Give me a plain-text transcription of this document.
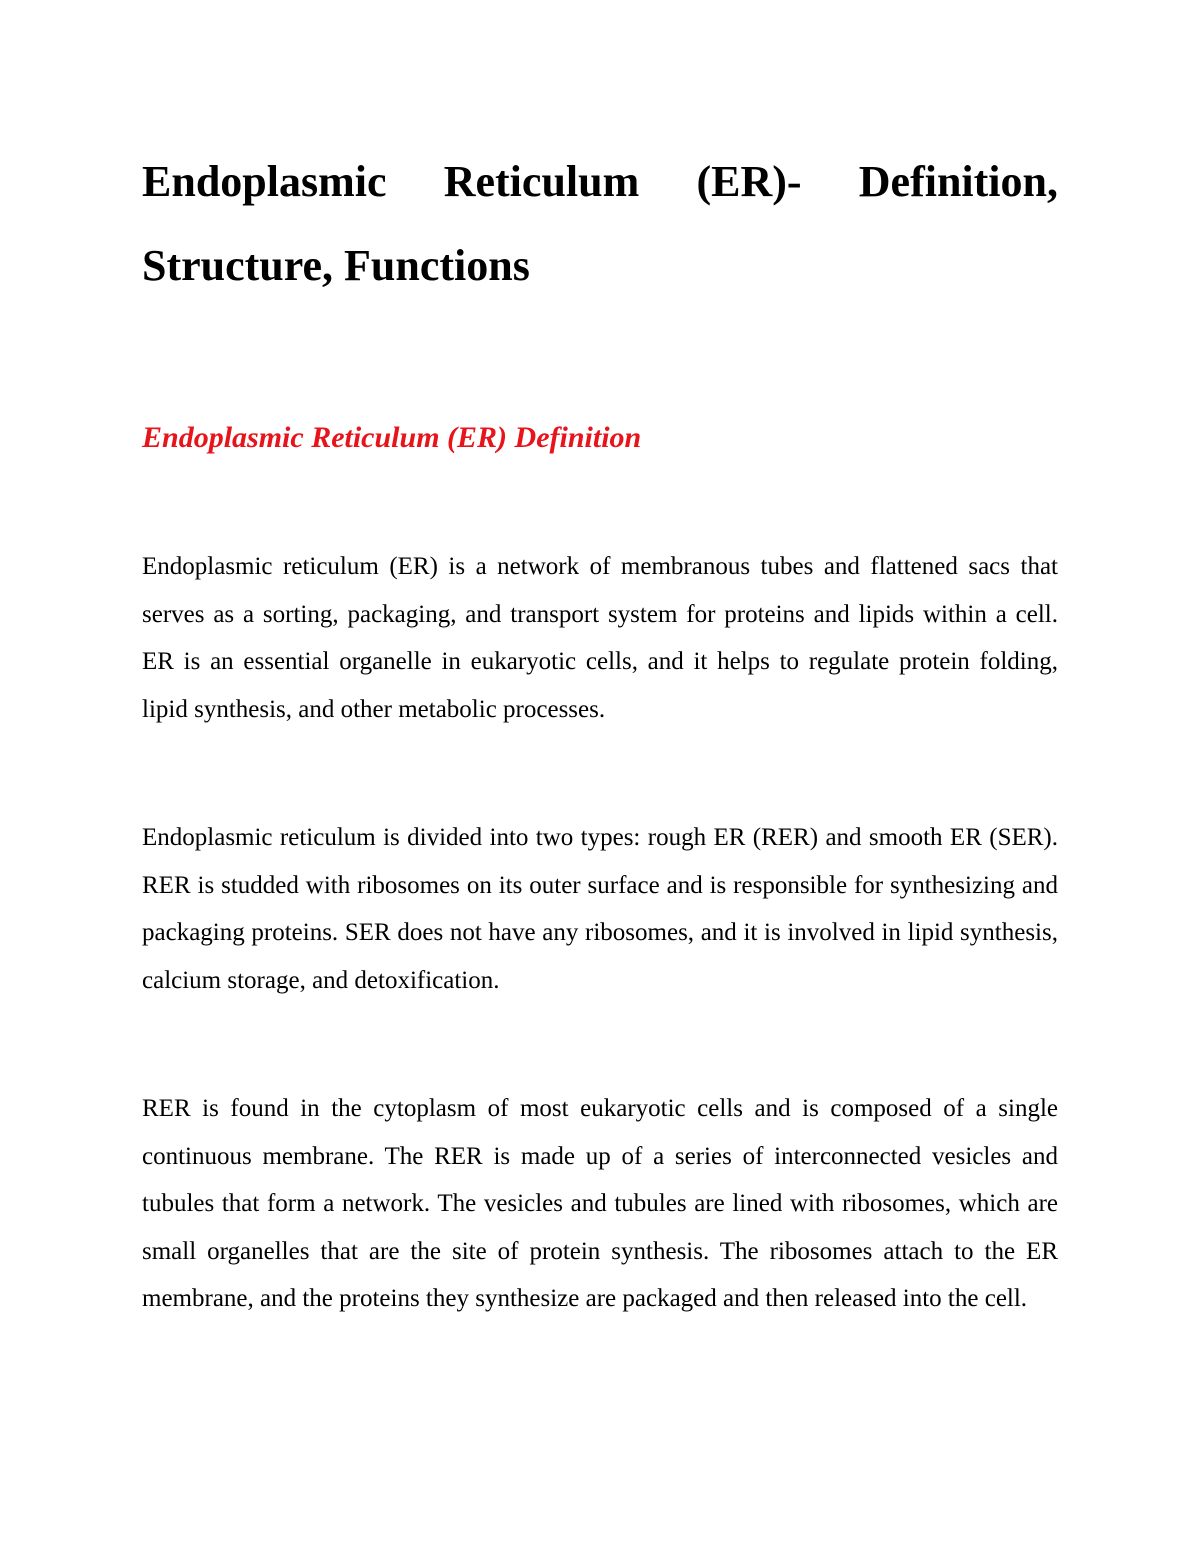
Endoplasmic Reticulum (ER)- Definition, Structure, Functions
Endoplasmic Reticulum (ER) Definition

Endoplasmic reticulum (ER) is a network of membranous tubes and flattened sacs that serves as a sorting, packaging, and transport system for proteins and lipids within a cell. ER is an essential organelle in eukaryotic cells, and it helps to regulate protein folding, lipid synthesis, and other metabolic processes.

Endoplasmic reticulum is divided into two types: rough ER (RER) and smooth ER (SER). RER is studded with ribosomes on its outer surface and is responsible for synthesizing and packaging proteins. SER does not have any ribosomes, and it is involved in lipid synthesis, calcium storage, and detoxification.

RER is found in the cytoplasm of most eukaryotic cells and is composed of a single continuous membrane. The RER is made up of a series of interconnected vesicles and tubules that form a network. The vesicles and tubules are lined with ribosomes, which are small organelles that are the site of protein synthesis. The ribosomes attach to the ER membrane, and the proteins they synthesize are packaged and then released into the cell.
